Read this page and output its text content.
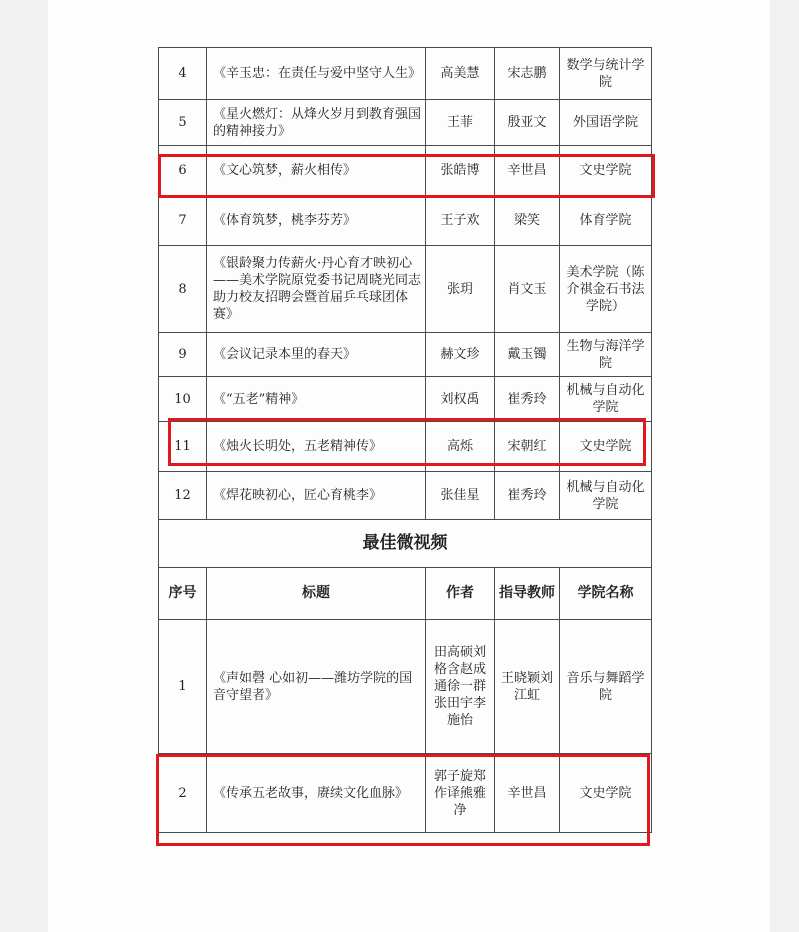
4	《辛玉忠：在责任与爱中坚守人生》	高美慧	宋志鹏	数学与统计学院
5	《星火燃灯：从烽火岁月到教育强国的精神接力》	王菲	殷亚文	外国语学院
6	《文心筑梦，薪火相传》	张皓博	辛世昌	文史学院
7	《体育筑梦，桃李芬芳》	王子欢	梁笑	体育学院
8	《银龄聚力传薪火·丹心育才映初心——美术学院原党委书记周晓光同志助力校友招聘会暨首届乒乓球团体赛》	张玥	肖文玉	美术学院（陈介祺金石书法学院）
9	《会议记录本里的春天》	赫文珍	戴玉镯	生物与海洋学院
10	《“五老”精神》	刘权禹	崔秀玲	机械与自动化学院
11	《烛火长明处，五老精神传》	高烁	宋朝红	文史学院
12	《焊花映初心，匠心育桃李》	张佳星	崔秀玲	机械与自动化学院
最佳微视频				
序号	标题	作者	指导教师	学院名称
1	《声如磬 心如初——潍坊学院的国音守望者》	田高硕刘格含赵成通徐一群张田宇李施怡	王晓颖刘江虹	音乐与舞蹈学院
2	《传承五老故事，赓续文化血脉》	郭子旋郑作译熊雅净	辛世昌	文史学院
